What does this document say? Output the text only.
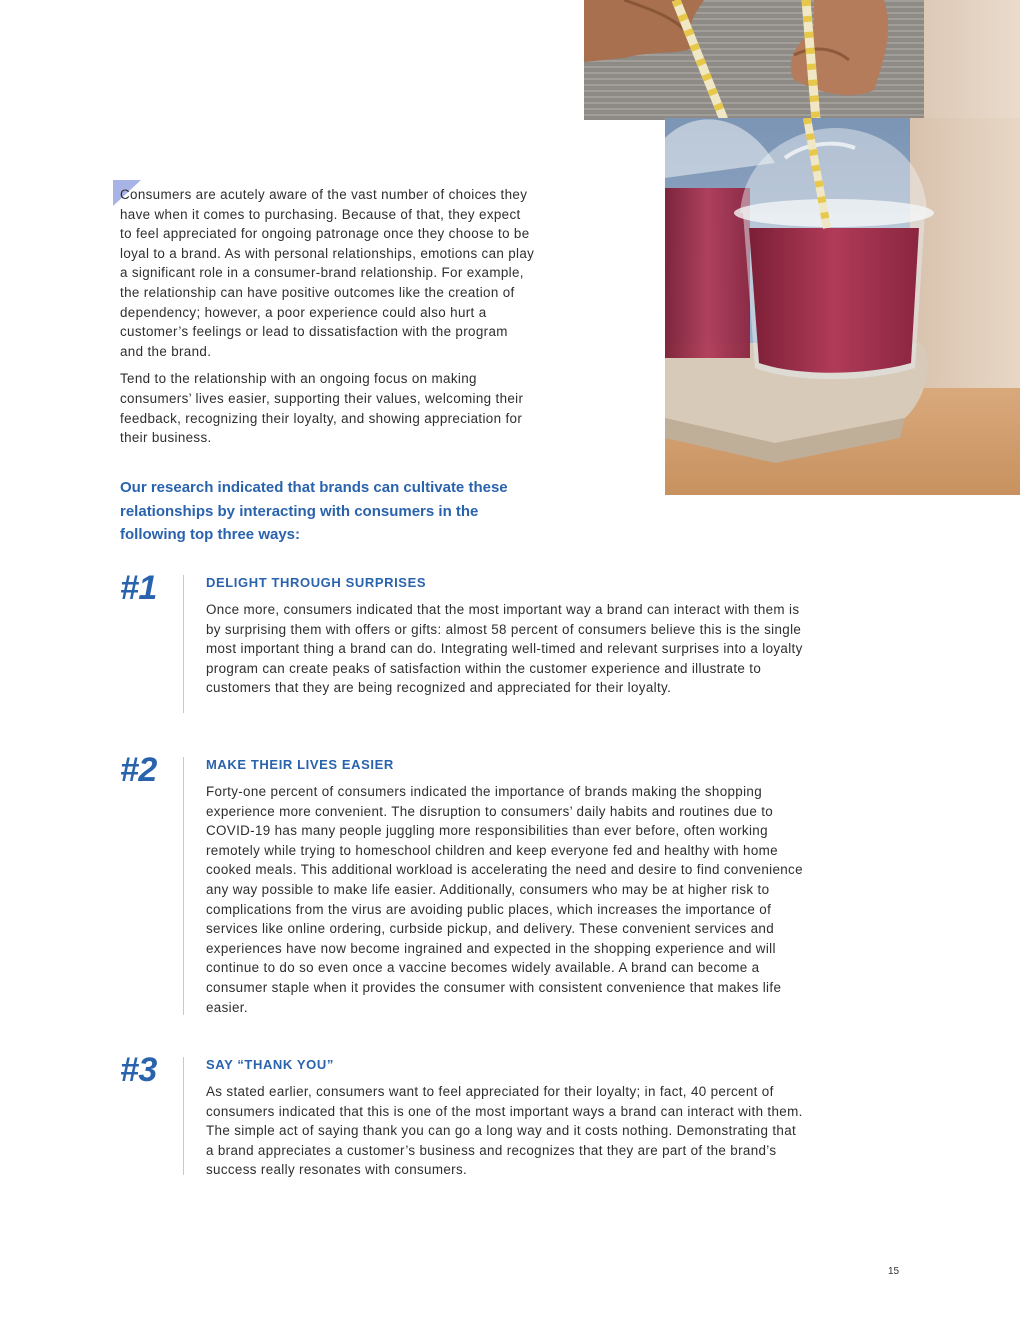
Consumers are acutely aware of the vast number of choices they have when it comes to purchasing. Because of that, they expect to feel appreciated for ongoing patronage once they choose to be loyal to a brand. As with personal relationships, emotions can play a significant role in a consumer-brand relationship. For example, the relationship can have positive outcomes like the creation of dependency; however, a poor experience could also hurt a customer’s feelings or lead to dissatisfaction with the program and the brand.

Tend to the relationship with an ongoing focus on making consumers’ lives easier, supporting their values, welcoming their feedback, recognizing their loyalty, and showing appreciation for their business.

Our research indicated that brands can cultivate these relationships by interacting with consumers in the following top three ways:

#1	DELIGHT THROUGH SURPRISES

Once more, consumers indicated that the most important way a brand can interact with them is by surprising them with offers or gifts: almost 58 percent of consumers believe this is the single most important thing a brand can do. Integrating well-timed and relevant surprises into a loyalty program can create peaks of satisfaction within the customer experience and illustrate to customers that they are being recognized and appreciated for their loyalty.

#2	MAKE THEIR LIVES EASIER

Forty-one percent of consumers indicated the importance of brands making the shopping experience more convenient. The disruption to consumers’ daily habits and routines due to COVID-19 has many people juggling more responsibilities than ever before, often working remotely while trying to homeschool children and keep everyone fed and healthy with home cooked meals. This additional workload is accelerating the need and desire to find convenience any way possible to make life easier. Additionally, consumers who may be at higher risk to complications from the virus are avoiding public places, which increases the importance of services like online ordering, curbside pickup, and delivery. These convenient services and experiences have now become ingrained and expected in the shopping experience and will continue to do so even once a vaccine becomes widely available. A brand can become a consumer staple when it provides the consumer with consistent convenience that makes life easier.

#3	SAY “THANK YOU”

As stated earlier, consumers want to feel appreciated for their loyalty; in fact, 40 percent of consumers indicated that this is one of the most important ways a brand can interact with them. The simple act of saying thank you can go a long way and it costs nothing. Demonstrating that a brand appreciates a customer’s business and recognizes that they are part of the brand’s success really resonates with consumers.

15
